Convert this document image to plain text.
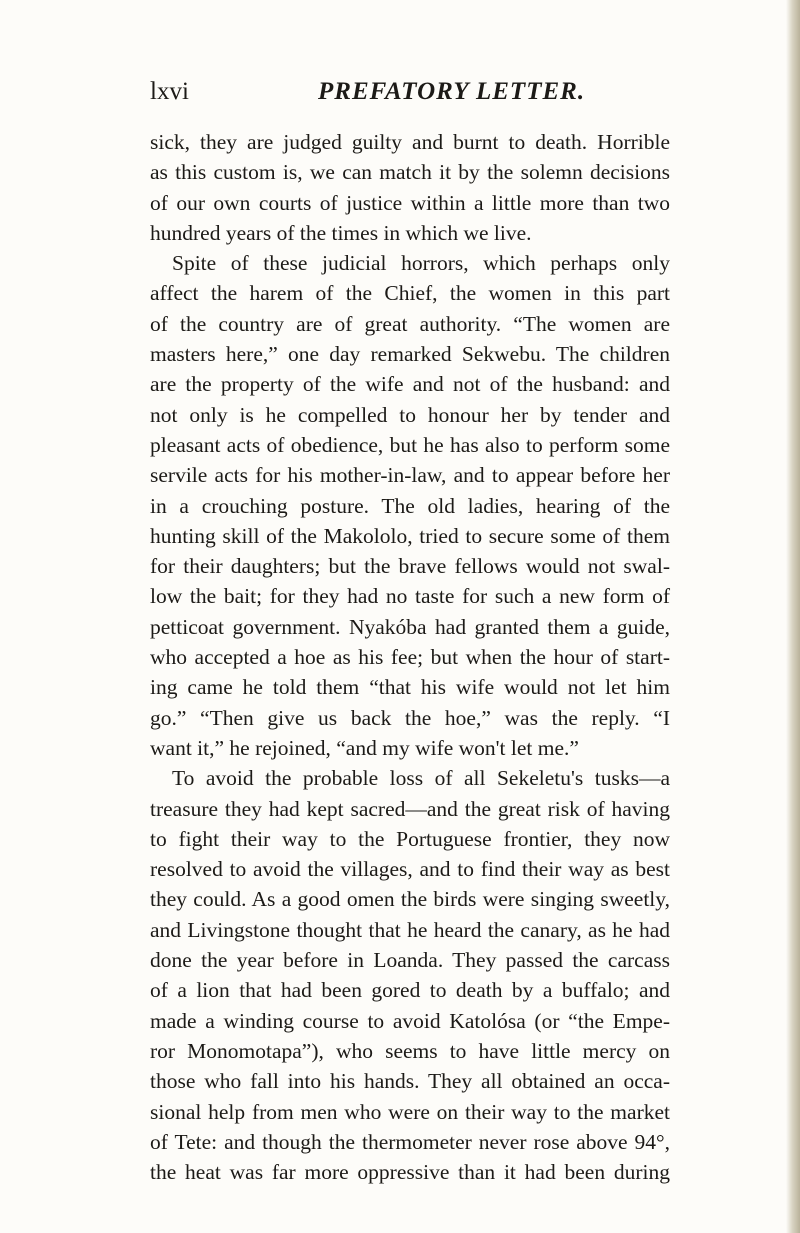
lxvi	PREFATORY LETTER.
sick, they are judged guilty and burnt to death. Horrible
as this custom is, we can match it by the solemn decisions
of our own courts of justice within a little more than two
hundred years of the times in which we live.
Spite of these judicial horrors, which perhaps only
affect the harem of the Chief, the women in this part
of the country are of great authority. “The women are
masters here,” one day remarked Sekwebu. The children
are the property of the wife and not of the husband: and
not only is he compelled to honour her by tender and
pleasant acts of obedience, but he has also to perform some
servile acts for his mother-in-law, and to appear before her
in a crouching posture. The old ladies, hearing of the
hunting skill of the Makololo, tried to secure some of them
for their daughters; but the brave fellows would not swal-
low the bait; for they had no taste for such a new form of
petticoat government. Nyakóba had granted them a guide,
who accepted a hoe as his fee; but when the hour of start-
ing came he told them “that his wife would not let him
go.” “Then give us back the hoe,” was the reply. “I
want it,” he rejoined, “and my wife won't let me.”
To avoid the probable loss of all Sekeletu's tusks—a
treasure they had kept sacred—and the great risk of having
to fight their way to the Portuguese frontier, they now
resolved to avoid the villages, and to find their way as best
they could. As a good omen the birds were singing sweetly,
and Livingstone thought that he heard the canary, as he had
done the year before in Loanda. They passed the carcass
of a lion that had been gored to death by a buffalo; and
made a winding course to avoid Katolósa (or “the Empe-
ror Monomotapa”), who seems to have little mercy on
those who fall into his hands. They all obtained an occa-
sional help from men who were on their way to the market
of Tete: and though the thermometer never rose above 94°,
the heat was far more oppressive than it had been during
